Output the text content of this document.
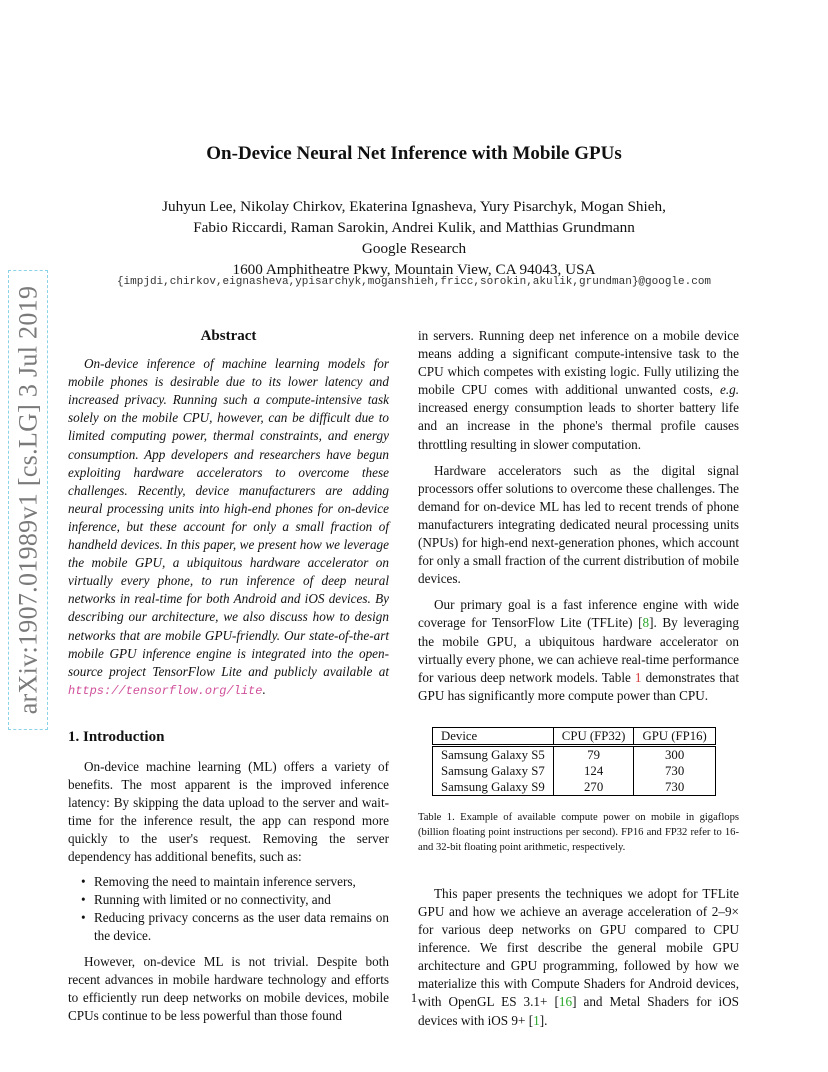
arXiv:1907.01989v1 [cs.LG] 3 Jul 2019
On-Device Neural Net Inference with Mobile GPUs
Juhyun Lee, Nikolay Chirkov, Ekaterina Ignasheva, Yury Pisarchyk, Mogan Shieh,
Fabio Riccardi, Raman Sarokin, Andrei Kulik, and Matthias Grundmann
Google Research
1600 Amphitheatre Pkwy, Mountain View, CA 94043, USA
{impjdi,chirkov,eignasheva,ypisarchyk,moganshieh,fricc,sorokin,akulik,grundman}@google.com
Abstract

On-device inference of machine learning models for mobile phones is desirable due to its lower latency and increased privacy. Running such a compute-intensive task solely on the mobile CPU, however, can be difficult due to limited computing power, thermal constraints, and energy consumption. App developers and researchers have begun exploiting hardware accelerators to overcome these challenges. Recently, device manufacturers are adding neural processing units into high-end phones for on-device inference, but these account for only a small fraction of handheld devices. In this paper, we present how we leverage the mobile GPU, a ubiquitous hardware accelerator on virtually every phone, to run inference of deep neural networks in real-time for both Android and iOS devices. By describing our architecture, we also discuss how to design networks that are mobile GPU-friendly. Our state-of-the-art mobile GPU inference engine is integrated into the open-source project TensorFlow Lite and publicly available at https://tensorflow.org/lite.

1. Introduction

On-device machine learning (ML) offers a variety of benefits. The most apparent is the improved inference latency: By skipping the data upload to the server and wait-time for the inference result, the app can respond more quickly to the user's request. Removing the server dependency has additional benefits, such as:

• Removing the need to maintain inference servers,
• Running with limited or no connectivity, and
• Reducing privacy concerns as the user data remains on the device.

However, on-device ML is not trivial. Despite both recent advances in mobile hardware technology and efforts to efficiently run deep networks on mobile devices, mobile CPUs continue to be less powerful than those found

in servers. Running deep net inference on a mobile device means adding a significant compute-intensive task to the CPU which competes with existing logic. Fully utilizing the mobile CPU comes with additional unwanted costs, e.g. increased energy consumption leads to shorter battery life and an increase in the phone's thermal profile causes throttling resulting in slower computation.

Hardware accelerators such as the digital signal processors offer solutions to overcome these challenges. The demand for on-device ML has led to recent trends of phone manufacturers integrating dedicated neural processing units (NPUs) for high-end next-generation phones, which account for only a small fraction of the current distribution of mobile devices.

Our primary goal is a fast inference engine with wide coverage for TensorFlow Lite (TFLite) [8]. By leveraging the mobile GPU, a ubiquitous hardware accelerator on virtually every phone, we can achieve real-time performance for various deep network models. Table 1 demonstrates that GPU has significantly more compute power than CPU.

Device	CPU (FP32)	GPU (FP16)
Samsung Galaxy S5	79	300
Samsung Galaxy S7	124	730
Samsung Galaxy S9	270	730

Table 1. Example of available compute power on mobile in gigaflops (billion floating point instructions per second). FP16 and FP32 refer to 16- and 32-bit floating point arithmetic, respectively.

This paper presents the techniques we adopt for TFLite GPU and how we achieve an average acceleration of 2–9× for various deep networks on GPU compared to CPU inference. We first describe the general mobile GPU architecture and GPU programming, followed by how we materialize this with Compute Shaders for Android devices, with OpenGL ES 3.1+ [16] and Metal Shaders for iOS devices with iOS 9+ [1].

1
